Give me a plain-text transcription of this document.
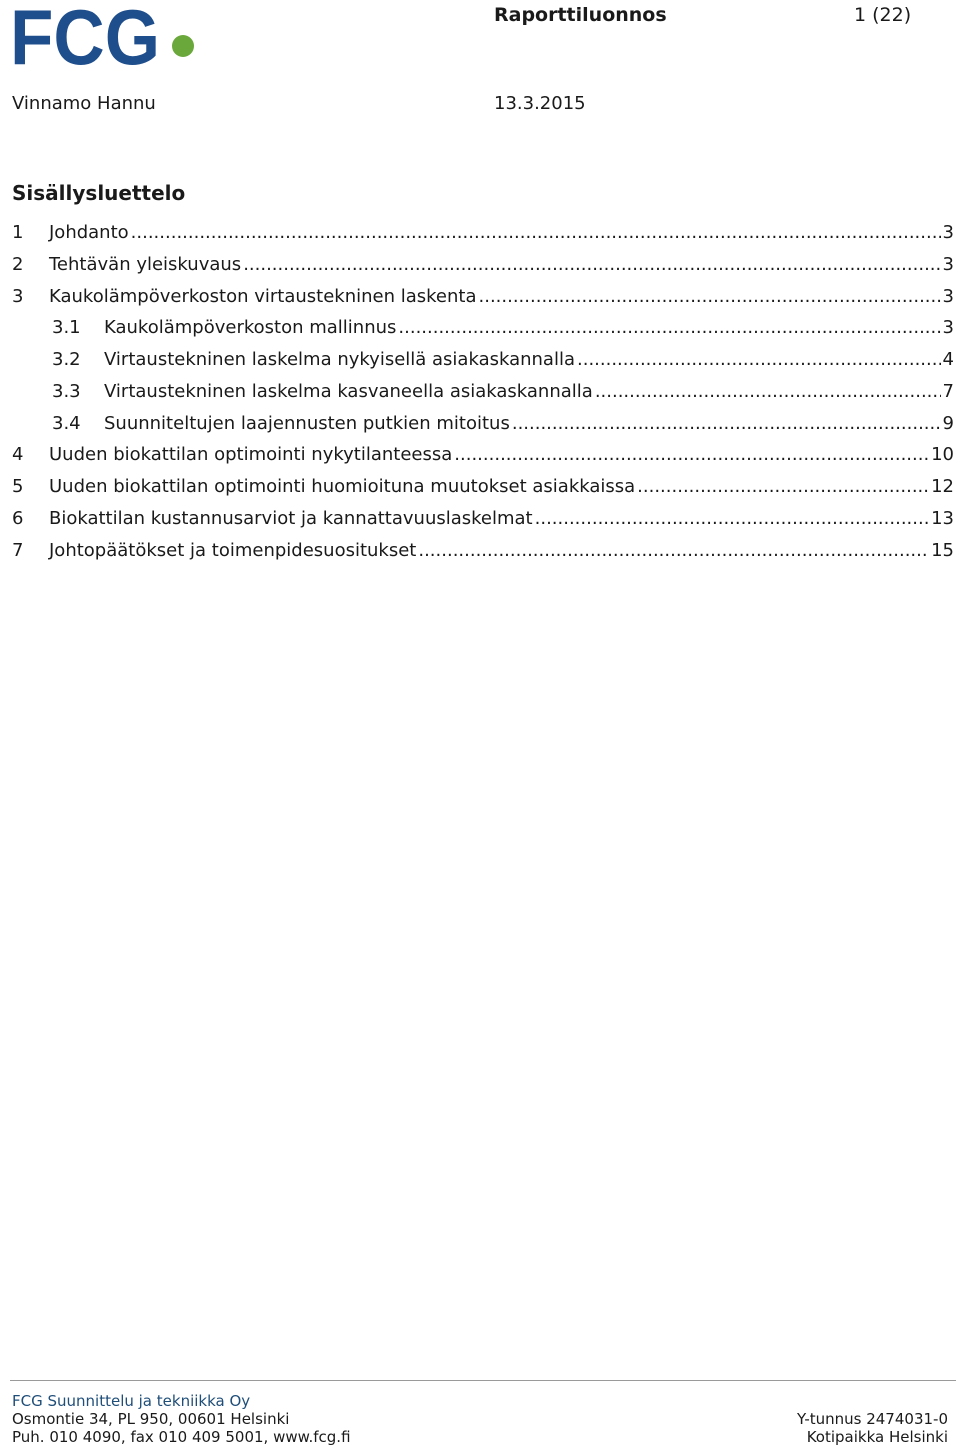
FCG	Raporttiluonnos	1 (22)
Vinnamo Hannu	13.3.2015
Sisällysluettelo
1	Johdanto .....	3
2	Tehtävän yleiskuvaus .....	3
3	Kaukolämpöverkoston virtaustekninen laskenta .....	3
3.1	Kaukolämpöverkoston mallinnus .....	3
3.2	Virtaustekninen laskelma nykyisellä asiakaskannalla .....	4
3.3	Virtaustekninen laskelma kasvaneella asiakaskannalla .....	7
3.4	Suunniteltujen laajennusten putkien mitoitus .....	9
4	Uuden biokattilan optimointi nykytilanteessa .....	10
5	Uuden biokattilan optimointi huomioituna muutokset asiakkaissa .....	12
6	Biokattilan kustannusarviot ja kannattavuuslaskelmat .....	13
7	Johtopäätökset ja toimenpidesuositukset .....	15
FCG Suunnittelu ja tekniikka Oy
Osmontie 34, PL 950, 00601 Helsinki
Puh. 010 4090, fax 010 409 5001, www.fcg.fi
Y-tunnus 2474031-0
Kotipaikka Helsinki
